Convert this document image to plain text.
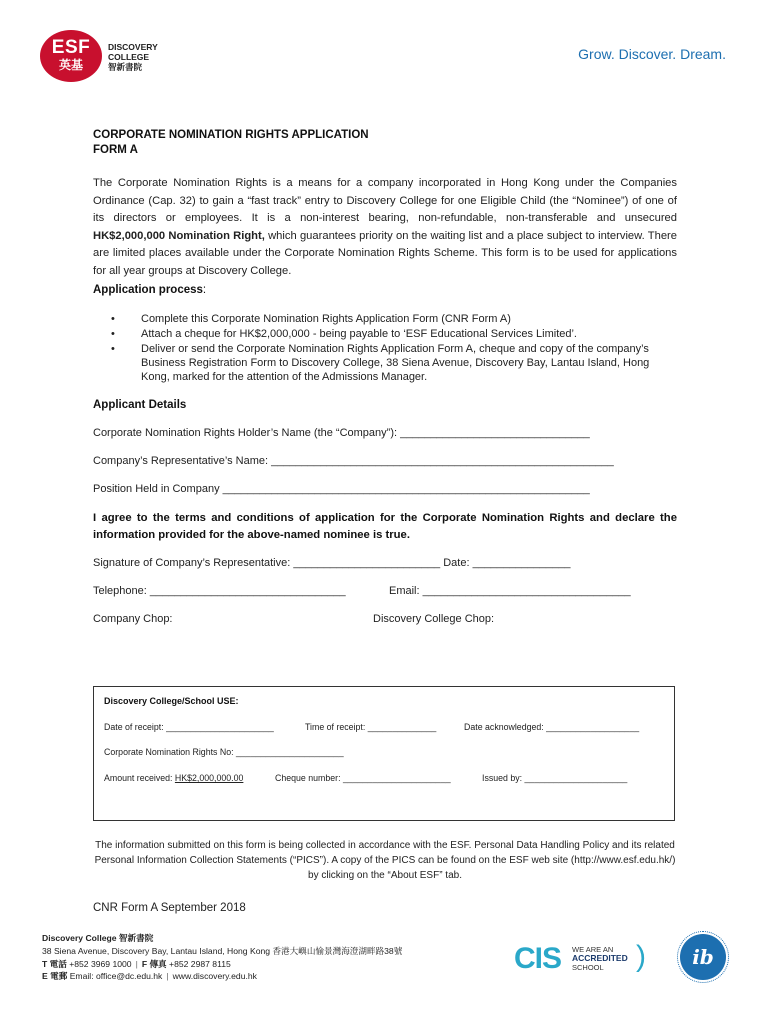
ESF
英基
DISCOVERY
COLLEGE
智新書院
Grow. Discover. Dream.
CORPORATE NOMINATION RIGHTS APPLICATION
FORM A
The Corporate Nomination Rights is a means for a company incorporated in Hong Kong under the Companies Ordinance (Cap. 32) to gain a “fast track” entry to Discovery College for one Eligible Child (the “Nominee”) of one of its directors or employees. It is a non-interest bearing, non-refundable, non-transferable and unsecured HK$2,000,000 Nomination Right, which guarantees priority on the waiting list and a place subject to interview. There are limited places available under the Corporate Nomination Rights Scheme. This form is to be used for applications for all year groups at Discovery College.
Application process:
• Complete this Corporate Nomination Rights Application Form (CNR Form A)
• Attach a cheque for HK$2,000,000 - being payable to ‘ESF Educational Services Limited’.
• Deliver or send the Corporate Nomination Rights Application Form A, cheque and copy of the company’s Business Registration Form to Discovery College, 38 Siena Avenue, Discovery Bay, Lantau Island, Hong Kong, marked for the attention of the Admissions Manager.
Applicant Details
Corporate Nomination Rights Holder’s Name (the “Company”): _______________________________
Company’s Representative’s Name: ________________________________________________________
Position Held in Company ____________________________________________________________
I agree to the terms and conditions of application for the Corporate Nomination Rights and declare the information provided for the above-named nominee is true.
Signature of Company’s Representative: ________________________ Date: ________________
Telephone: ________________________________	Email: __________________________________
Company Chop:	Discovery College Chop:
Discovery College/School USE:
Date of receipt: ______________________	Time of receipt: ______________	Date acknowledged: ___________________
Corporate Nomination Rights No: ______________________
Amount received: HK$2,000,000.00	Cheque number: ______________________	Issued by: _____________________
The information submitted on this form is being collected in accordance with the ESF. Personal Data Handling Policy and its related Personal Information Collection Statements (“PICS”). A copy of the PICS can be found on the ESF web site (http://www.esf.edu.hk/) by clicking on the “About ESF” tab.
CNR Form A September 2018
Discovery College 智新書院
38 Siena Avenue, Discovery Bay, Lantau Island, Hong Kong 香港大嶼山愉景灣海澄湖畔路38號
T 電話 +852 3969 1000 | F 傳真 +852 2987 8115
E 電郵 Email: office@dc.edu.hk | www.discovery.edu.hk
CIS WE ARE AN
ACCREDITED
SCHOOL	)	ib
